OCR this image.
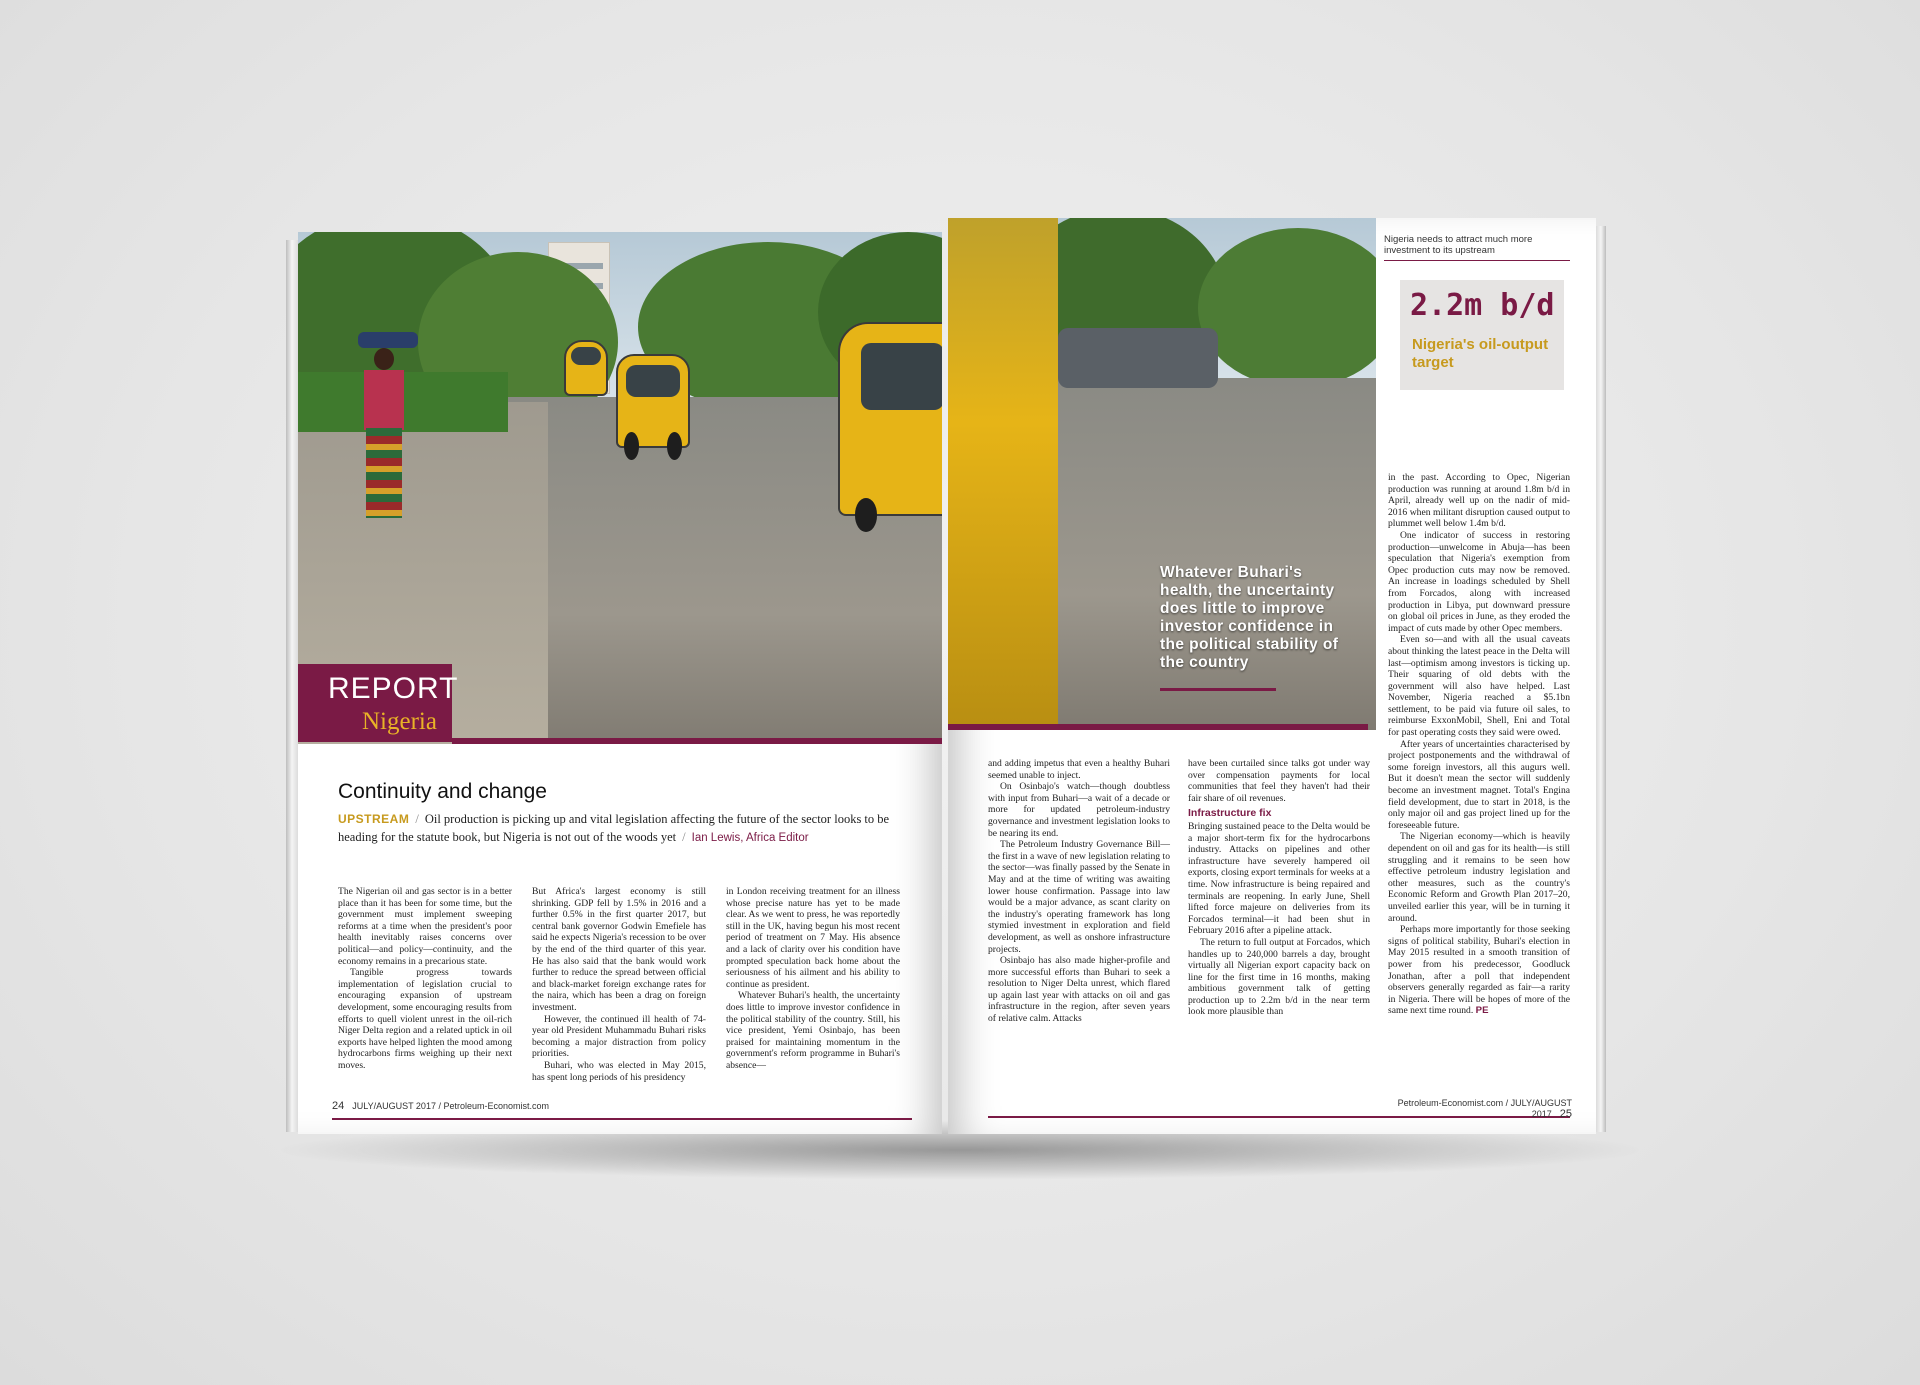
REPORT
Nigeria
Continuity and change
UPSTREAM / Oil production is picking up and vital legislation affecting the future of the sector looks to be heading for the statute book, but Nigeria is not out of the woods yet / Ian Lewis, Africa Editor

The Nigerian oil and gas sector is in a better place than it has been for some time, but the government must implement sweeping reforms at a time when the president's poor health inevitably raises concerns over political—and policy—continuity, and the economy remains in a precarious state.

Tangible progress towards implementation of legislation crucial to encouraging expansion of upstream development, some encouraging results from efforts to quell violent unrest in the oil-rich Niger Delta region and a related uptick in oil exports have helped lighten the mood among hydrocarbons firms weighing up their next moves.

But Africa's largest economy is still shrinking. GDP fell by 1.5% in 2016 and a further 0.5% in the first quarter 2017, but central bank governor Godwin Emefiele has said he expects Nigeria's recession to be over by the end of the third quarter of this year. He has also said that the bank would work further to reduce the spread between official and black-market foreign exchange rates for the naira, which has been a drag on foreign investment.

However, the continued ill health of 74-year old President Muhammadu Buhari risks becoming a major distraction from policy priorities.

Buhari, who was elected in May 2015, has spent long periods of his presidency

in London receiving treatment for an illness whose precise nature has yet to be made clear. As we went to press, he was reportedly still in the UK, having begun his most recent period of treatment on 7 May. His absence and a lack of clarity over his condition have prompted speculation back home about the seriousness of his ailment and his ability to continue as president.

Whatever Buhari's health, the uncertainty does little to improve investor confidence in the political stability of the country. Still, his vice president, Yemi Osinbajo, has been praised for maintaining momentum in the government's reform programme in Buhari's absence—

24 JULY/AUGUST 2017 / Petroleum-Economist.com
Whatever Buhari's health, the uncertainty does little to improve investor confidence in the political stability of the country
Nigeria needs to attract much more investment to its upstream
2.2m b/d
Nigeria's oil-output target

and adding impetus that even a healthy Buhari seemed unable to inject.

On Osinbajo's watch—though doubtless with input from Buhari—a wait of a decade or more for updated petroleum-industry governance and investment legislation looks to be nearing its end.

The Petroleum Industry Governance Bill—the first in a wave of new legislation relating to the sector—was finally passed by the Senate in May and at the time of writing was awaiting lower house confirmation. Passage into law would be a major advance, as scant clarity on the industry's operating framework has long stymied investment in exploration and field development, as well as onshore infrastructure projects.

Osinbajo has also made higher-profile and more successful efforts than Buhari to seek a resolution to Niger Delta unrest, which flared up again last year with attacks on oil and gas infrastructure in the region, after seven years of relative calm. Attacks

have been curtailed since talks got under way over compensation payments for local communities that feel they haven't had their fair share of oil revenues.

Infrastructure fix

Bringing sustained peace to the Delta would be a major short-term fix for the hydrocarbons industry. Attacks on pipelines and other infrastructure have severely hampered oil exports, closing export terminals for weeks at a time. Now infrastructure is being repaired and terminals are reopening. In early June, Shell lifted force majeure on deliveries from its Forcados terminal—it had been shut in February 2016 after a pipeline attack.

The return to full output at Forcados, which handles up to 240,000 barrels a day, brought virtually all Nigerian export capacity back on line for the first time in 16 months, making ambitious government talk of getting production up to 2.2m b/d in the near term look more plausible than

in the past. According to Opec, Nigerian production was running at around 1.8m b/d in April, already well up on the nadir of mid-2016 when militant disruption caused output to plummet well below 1.4m b/d.

One indicator of success in restoring production—unwelcome in Abuja—has been speculation that Nigeria's exemption from Opec production cuts may now be removed. An increase in loadings scheduled by Shell from Forcados, along with increased production in Libya, put downward pressure on global oil prices in June, as they eroded the impact of cuts made by other Opec members.

Even so—and with all the usual caveats about thinking the latest peace in the Delta will last—optimism among investors is ticking up. Their squaring of old debts with the government will also have helped. Last November, Nigeria reached a $5.1bn settlement, to be paid via future oil sales, to reimburse ExxonMobil, Shell, Eni and Total for past operating costs they said were owed.

After years of uncertainties characterised by project postponements and the withdrawal of some foreign investors, all this augurs well. But it doesn't mean the sector will suddenly become an investment magnet. Total's Engina field development, due to start in 2018, is the only major oil and gas project lined up for the foreseeable future.

The Nigerian economy—which is heavily dependent on oil and gas for its health—is still struggling and it remains to be seen how effective petroleum industry legislation and other measures, such as the country's Economic Reform and Growth Plan 2017–20, unveiled earlier this year, will be in turning it around.

Perhaps more importantly for those seeking signs of political stability, Buhari's election in May 2015 resulted in a smooth transition of power from his predecessor, Goodluck Jonathan, after a poll that independent observers generally regarded as fair—a rarity in Nigeria. There will be hopes of more of the same next time round. PE

Petroleum-Economist.com / JULY/AUGUST 2017 25
